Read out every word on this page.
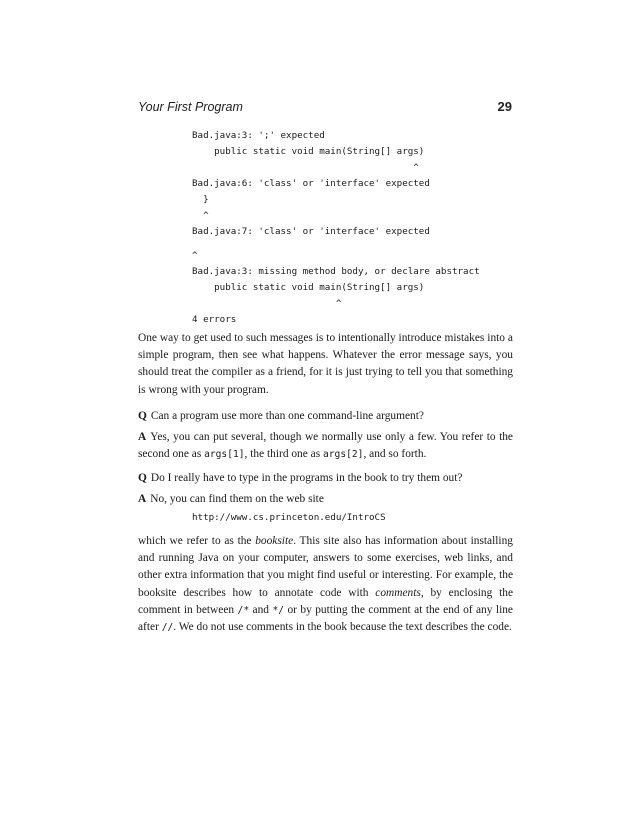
Your First Program	29
Bad.java:3: ';' expected
public static void main(String[] args)
^
Bad.java:6: 'class' or 'interface' expected
}
^
Bad.java:7: 'class' or 'interface' expected
^
Bad.java:3: missing method body, or declare abstract
public static void main(String[] args)
^
4 errors
One way to get used to such messages is to intentionally introduce mistakes into a simple program, then see what happens. Whatever the error message says, you should treat the compiler as a friend, for it is just trying to tell you that something is wrong with your program.
Q Can a program use more than one command-line argument?
A Yes, you can put several, though we normally use only a few. You refer to the second one as args[1], the third one as args[2], and so forth.
Q Do I really have to type in the programs in the book to try them out?
A No, you can find them on the web site
http://www.cs.princeton.edu/IntroCS
which we refer to as the booksite. This site also has information about installing and running Java on your computer, answers to some exercises, web links, and other extra information that you might find useful or interesting. For example, the booksite describes how to annotate code with comments, by enclosing the comment in between /* and */ or by putting the comment at the end of any line after //. We do not use comments in the book because the text describes the code.
